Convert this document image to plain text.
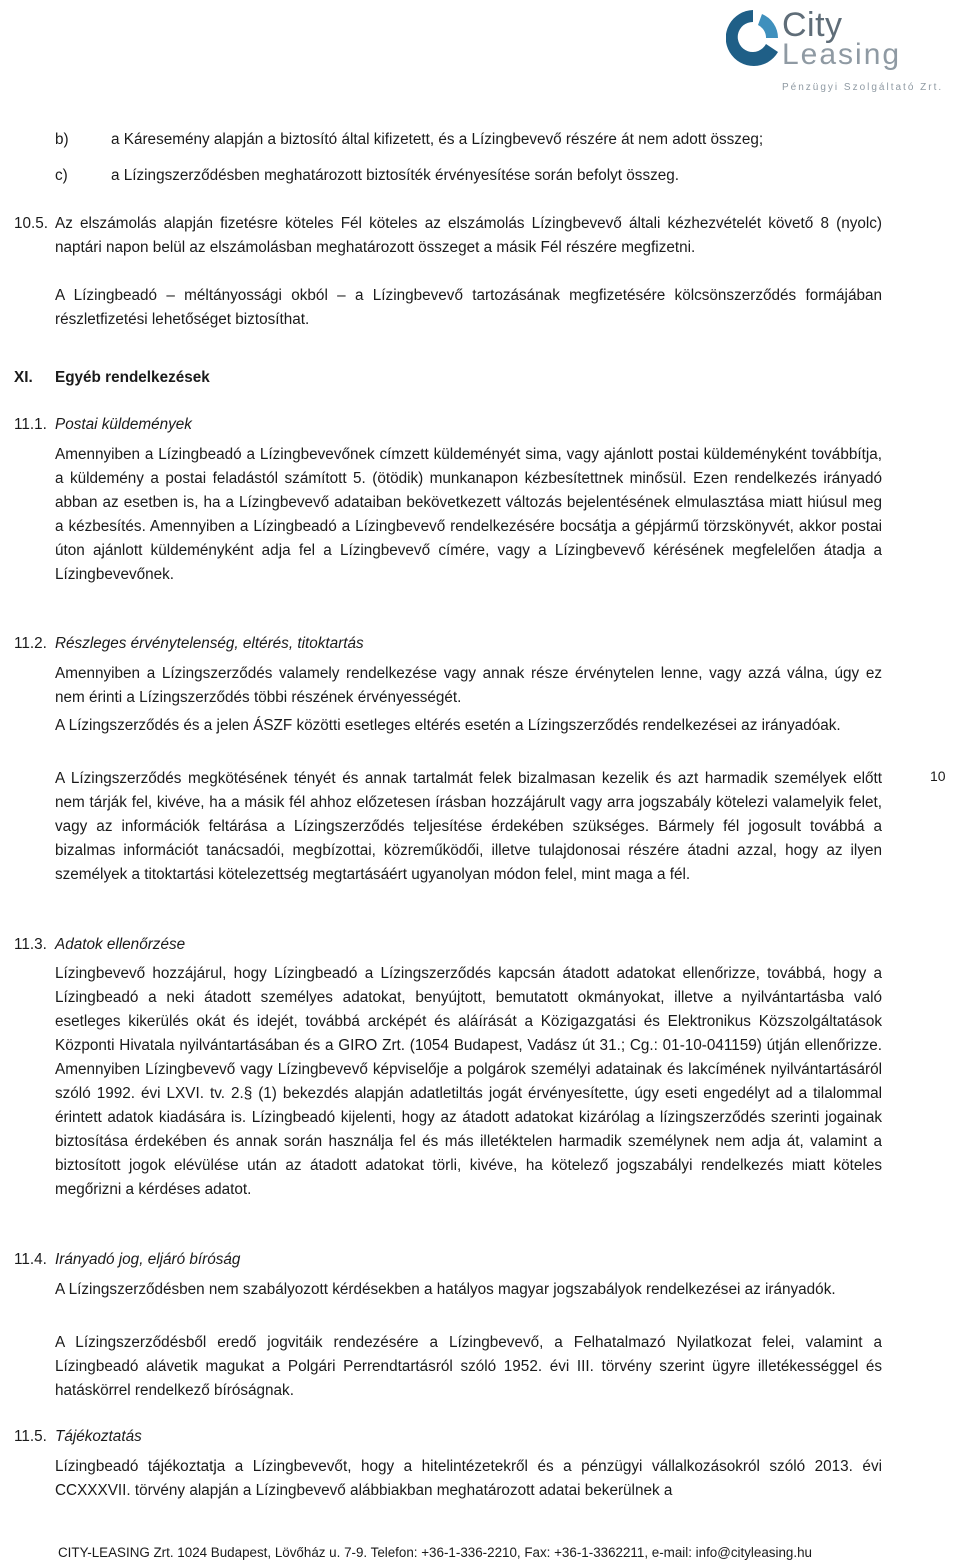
City
Leasing
Pénzügyi Szolgáltató Zrt.
b)	a Káresemény alapján a biztosító által kifizetett, és a Lízingbevevő részére át nem adott összeg;
c)	a Lízingszerződésben meghatározott biztosíték érvényesítése során befolyt összeg.
10.5. Az elszámolás alapján fizetésre köteles Fél köteles az elszámolás Lízingbevevő általi kézhezvételét követő 8 (nyolc) naptári napon belül az elszámolásban meghatározott összeget a másik Fél részére megfizetni.

A Lízingbeadó – méltányossági okból – a Lízingbevevő tartozásának megfizetésére kölcsönszerződés formájában részletfizetési lehetőséget biztosíthat.

XI. Egyéb rendelkezések
11.1. Postai küldemények

Amennyiben a Lízingbeadó a Lízingbevevőnek címzett küldeményét sima, vagy ajánlott postai küldeményként továbbítja, a küldemény a postai feladástól számított 5. (ötödik) munkanapon kézbesítettnek minősül. Ezen rendelkezés irányadó abban az esetben is, ha a Lízingbevevő adataiban bekövetkezett változás bejelentésének elmulasztása miatt hiúsul meg a kézbesítés. Amennyiben a Lízingbeadó a Lízingbevevő rendelkezésére bocsátja a gépjármű törzskönyvét, akkor postai úton ajánlott küldeményként adja fel a Lízingbevevő címére, vagy a Lízingbevevő kérésének megfelelően átadja a Lízingbevevőnek.

11.2. Részleges érvénytelenség, eltérés, titoktartás

Amennyiben a Lízingszerződés valamely rendelkezése vagy annak része érvénytelen lenne, vagy azzá válna, úgy ez nem érinti a Lízingszerződés többi részének érvényességét.

A Lízingszerződés és a jelen ÁSZF közötti esetleges eltérés esetén a Lízingszerződés rendelkezései az irányadóak.

A Lízingszerződés megkötésének tényét és annak tartalmát felek bizalmasan kezelik és azt harmadik személyek előtt nem tárják fel, kivéve, ha a másik fél ahhoz előzetesen írásban hozzájárult vagy arra jogszabály kötelezi valamelyik felet, vagy az információk feltárása a Lízingszerződés teljesítése érdekében szükséges. Bármely fél jogosult továbbá a bizalmas információt tanácsadói, megbízottai, közreműködői, illetve tulajdonosai részére átadni azzal, hogy az ilyen személyek a titoktartási kötelezettség megtartásáért ugyanolyan módon felel, mint maga a fél.

11.3. Adatok ellenőrzése

Lízingbevevő hozzájárul, hogy Lízingbeadó a Lízingszerződés kapcsán átadott adatokat ellenőrizze, továbbá, hogy a Lízingbeadó a neki átadott személyes adatokat, benyújtott, bemutatott okmányokat, illetve a nyilvántartásba való esetleges kikerülés okát és idejét, továbbá arcképét és aláírását a Közigazgatási és Elektronikus Közszolgáltatások Központi Hivatala nyilvántartásában és a GIRO Zrt. (1054 Budapest, Vadász út 31.; Cg.: 01-10-041159) útján ellenőrizze. Amennyiben Lízingbevevő vagy Lízingbevevő képviselője a polgárok személyi adatainak és lakcímének nyilvántartásáról szóló 1992. évi LXVI. tv. 2.§ (1) bekezdés alapján adatletiltás jogát érvényesítette, úgy eseti engedélyt ad a tilalommal érintett adatok kiadására is. Lízingbeadó kijelenti, hogy az átadott adatokat kizárólag a lízingszerződés szerinti jogainak biztosítása érdekében és annak során használja fel és más illetéktelen harmadik személynek nem adja át, valamint a biztosított jogok elévülése után az átadott adatokat törli, kivéve, ha kötelező jogszabályi rendelkezés miatt köteles megőrizni a kérdéses adatot.

11.4. Irányadó jog, eljáró bíróság

A Lízingszerződésben nem szabályozott kérdésekben a hatályos magyar jogszabályok rendelkezései az irányadók.

A Lízingszerződésből eredő jogvitáik rendezésére a Lízingbevevő, a Felhatalmazó Nyilatkozat felei, valamint a Lízingbeadó alávetik magukat a Polgári Perrendtartásról szóló 1952. évi III. törvény szerint ügyre illetékességgel és hatáskörrel rendelkező bíróságnak.

11.5. Tájékoztatás

Lízingbeadó tájékoztatja a Lízingbevevőt, hogy a hitelintézetekről és a pénzügyi vállalkozásokról szóló 2013. évi CCXXXVII. törvény alapján a Lízingbevevő alábbiakban meghatározott adatai bekerülnek a

10
CITY-LEASING Zrt. 1024 Budapest, Lövőház u. 7-9. Telefon: +36-1-336-2210, Fax: +36-1-3362211, e-mail: info@cityleasing.hu
